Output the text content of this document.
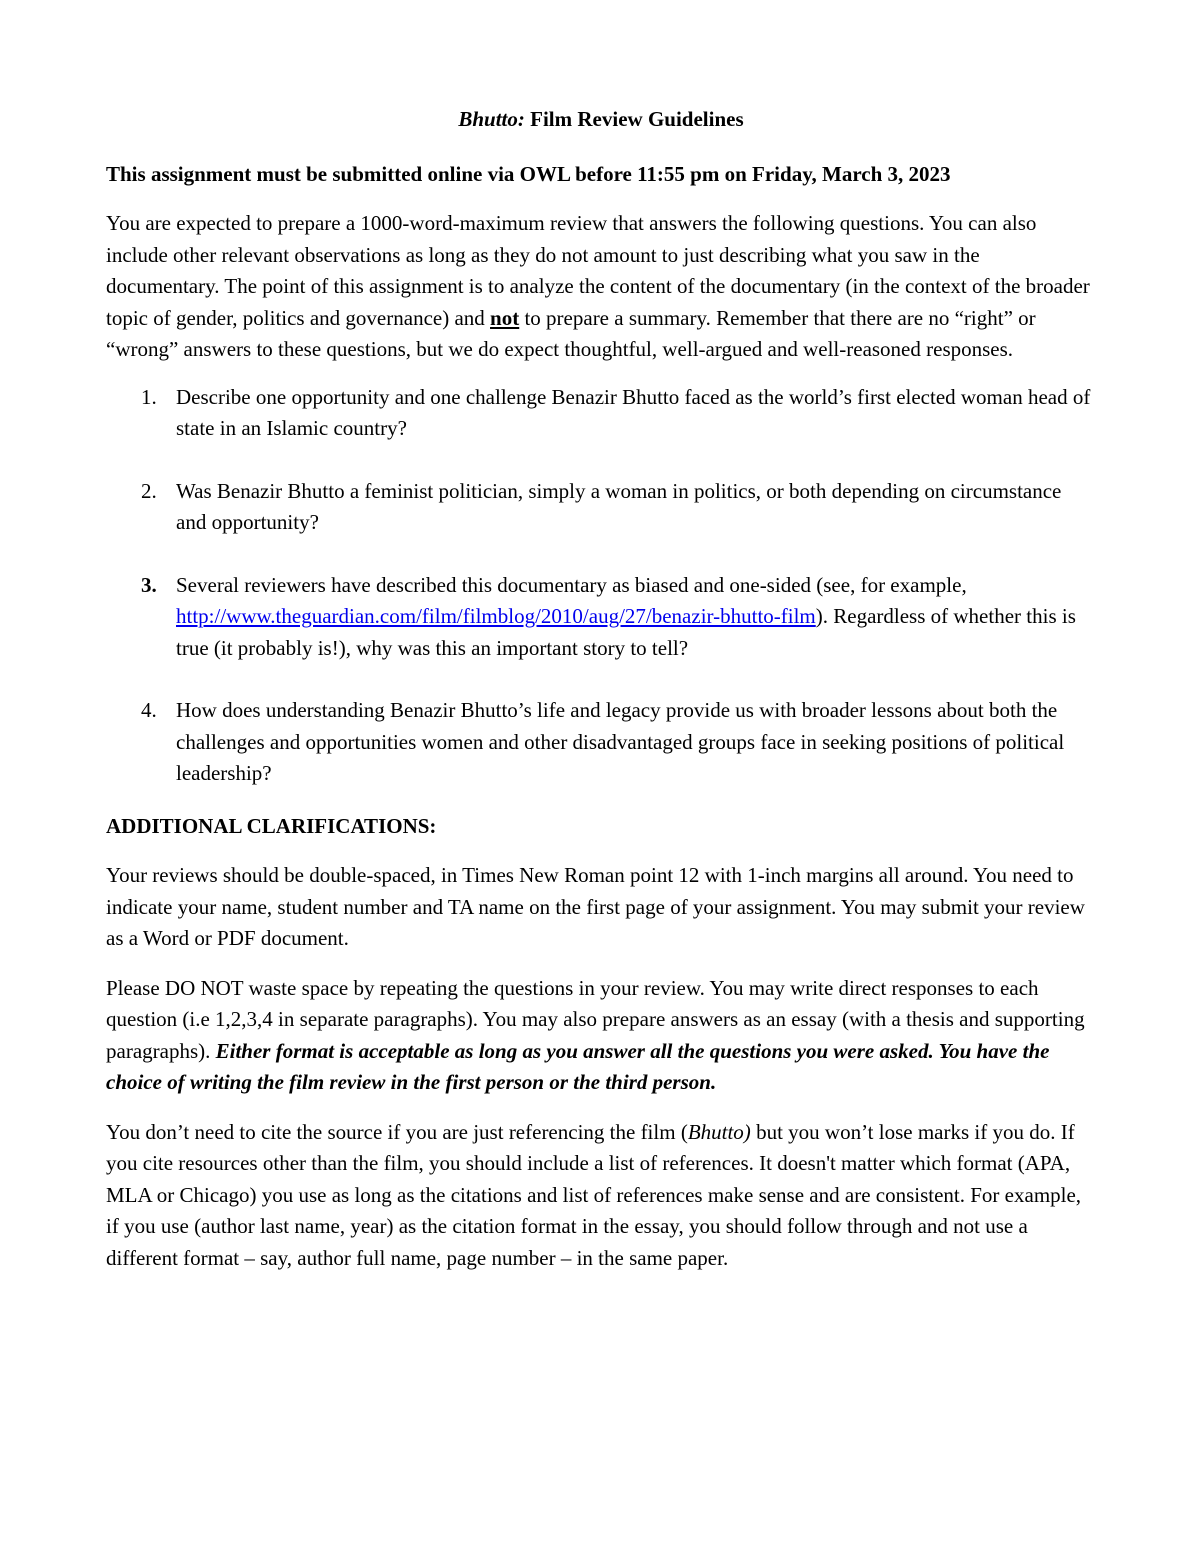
Bhutto: Film Review Guidelines

This assignment must be submitted online via OWL before 11:55 pm on Friday, March 3, 2023

You are expected to prepare a 1000-word-maximum review that answers the following questions. You can also include other relevant observations as long as they do not amount to just describing what you saw in the documentary. The point of this assignment is to analyze the content of the documentary (in the context of the broader topic of gender, politics and governance) and not to prepare a summary. Remember that there are no “right” or “wrong” answers to these questions, but we do expect thoughtful, well-argued and well-reasoned responses.

1. Describe one opportunity and one challenge Benazir Bhutto faced as the world’s first elected woman head of state in an Islamic country?
2. Was Benazir Bhutto a feminist politician, simply a woman in politics, or both depending on circumstance and opportunity?
3. Several reviewers have described this documentary as biased and one-sided (see, for example, http://www.theguardian.com/film/filmblog/2010/aug/27/benazir-bhutto-film). Regardless of whether this is true (it probably is!), why was this an important story to tell?
4. How does understanding Benazir Bhutto’s life and legacy provide us with broader lessons about both the challenges and opportunities women and other disadvantaged groups face in seeking positions of political leadership?

ADDITIONAL CLARIFICATIONS:

Your reviews should be double-spaced, in Times New Roman point 12 with 1-inch margins all around. You need to indicate your name, student number and TA name on the first page of your assignment. You may submit your review as a Word or PDF document.

Please DO NOT waste space by repeating the questions in your review. You may write direct responses to each question (i.e 1,2,3,4 in separate paragraphs). You may also prepare answers as an essay (with a thesis and supporting paragraphs). Either format is acceptable as long as you answer all the questions you were asked. You have the choice of writing the film review in the first person or the third person.

You don’t need to cite the source if you are just referencing the film (Bhutto) but you won’t lose marks if you do. If you cite resources other than the film, you should include a list of references. It doesn't matter which format (APA, MLA or Chicago) you use as long as the citations and list of references make sense and are consistent. For example, if you use (author last name, year) as the citation format in the essay, you should follow through and not use a different format – say, author full name, page number – in the same paper.
